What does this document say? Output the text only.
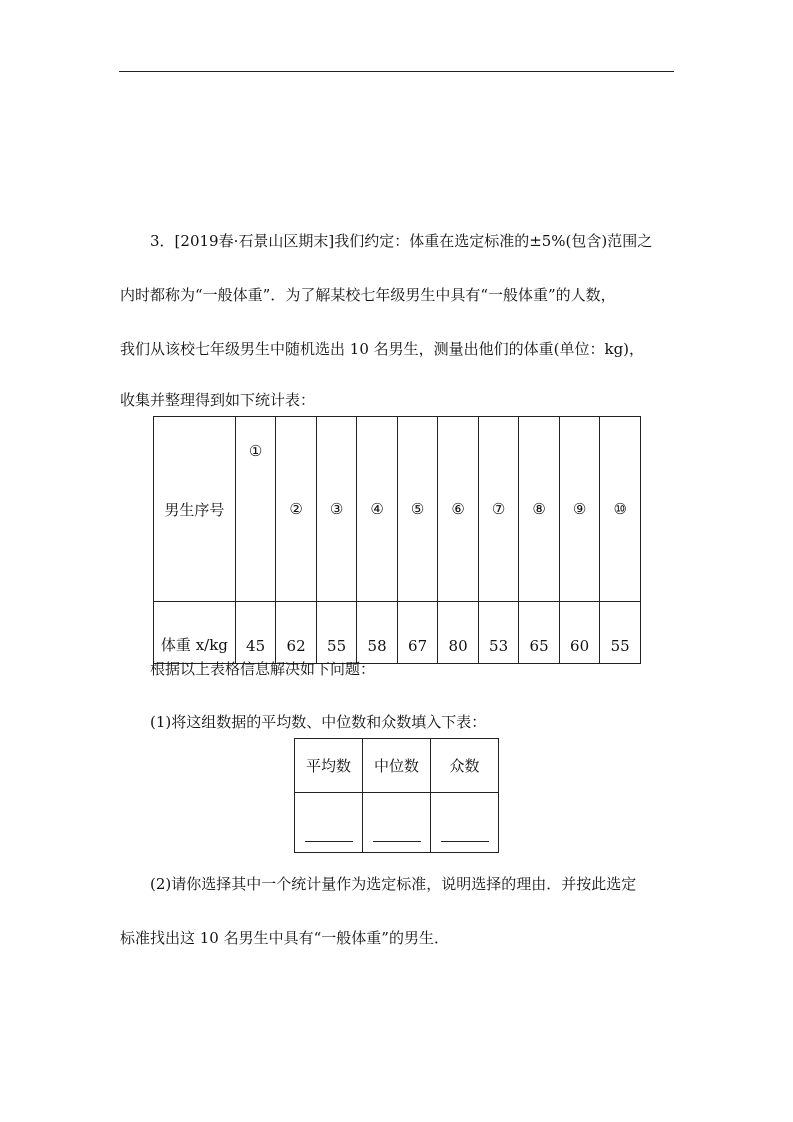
3．[2019春·石景山区期末]我们约定：体重在选定标准的±5%(包含)范围之
内时都称为“一般体重”．为了解某校七年级男生中具有“一般体重”的人数，
我们从该校七年级男生中随机选出 10 名男生，测量出他们的体重(单位：kg)，
收集并整理得到如下统计表：
男生序号	①	②	③	④	⑤	⑥	⑦	⑧	⑨	⑩
体重 x/kg	45	62	55	58	67	80	53	65	60	55
根据以上表格信息解决如下问题：
(1)将这组数据的平均数、中位数和众数填入下表：
平均数	中位数	众数

(2)请你选择其中一个统计量作为选定标准，说明选择的理由．并按此选定
标准找出这 10 名男生中具有“一般体重”的男生．
